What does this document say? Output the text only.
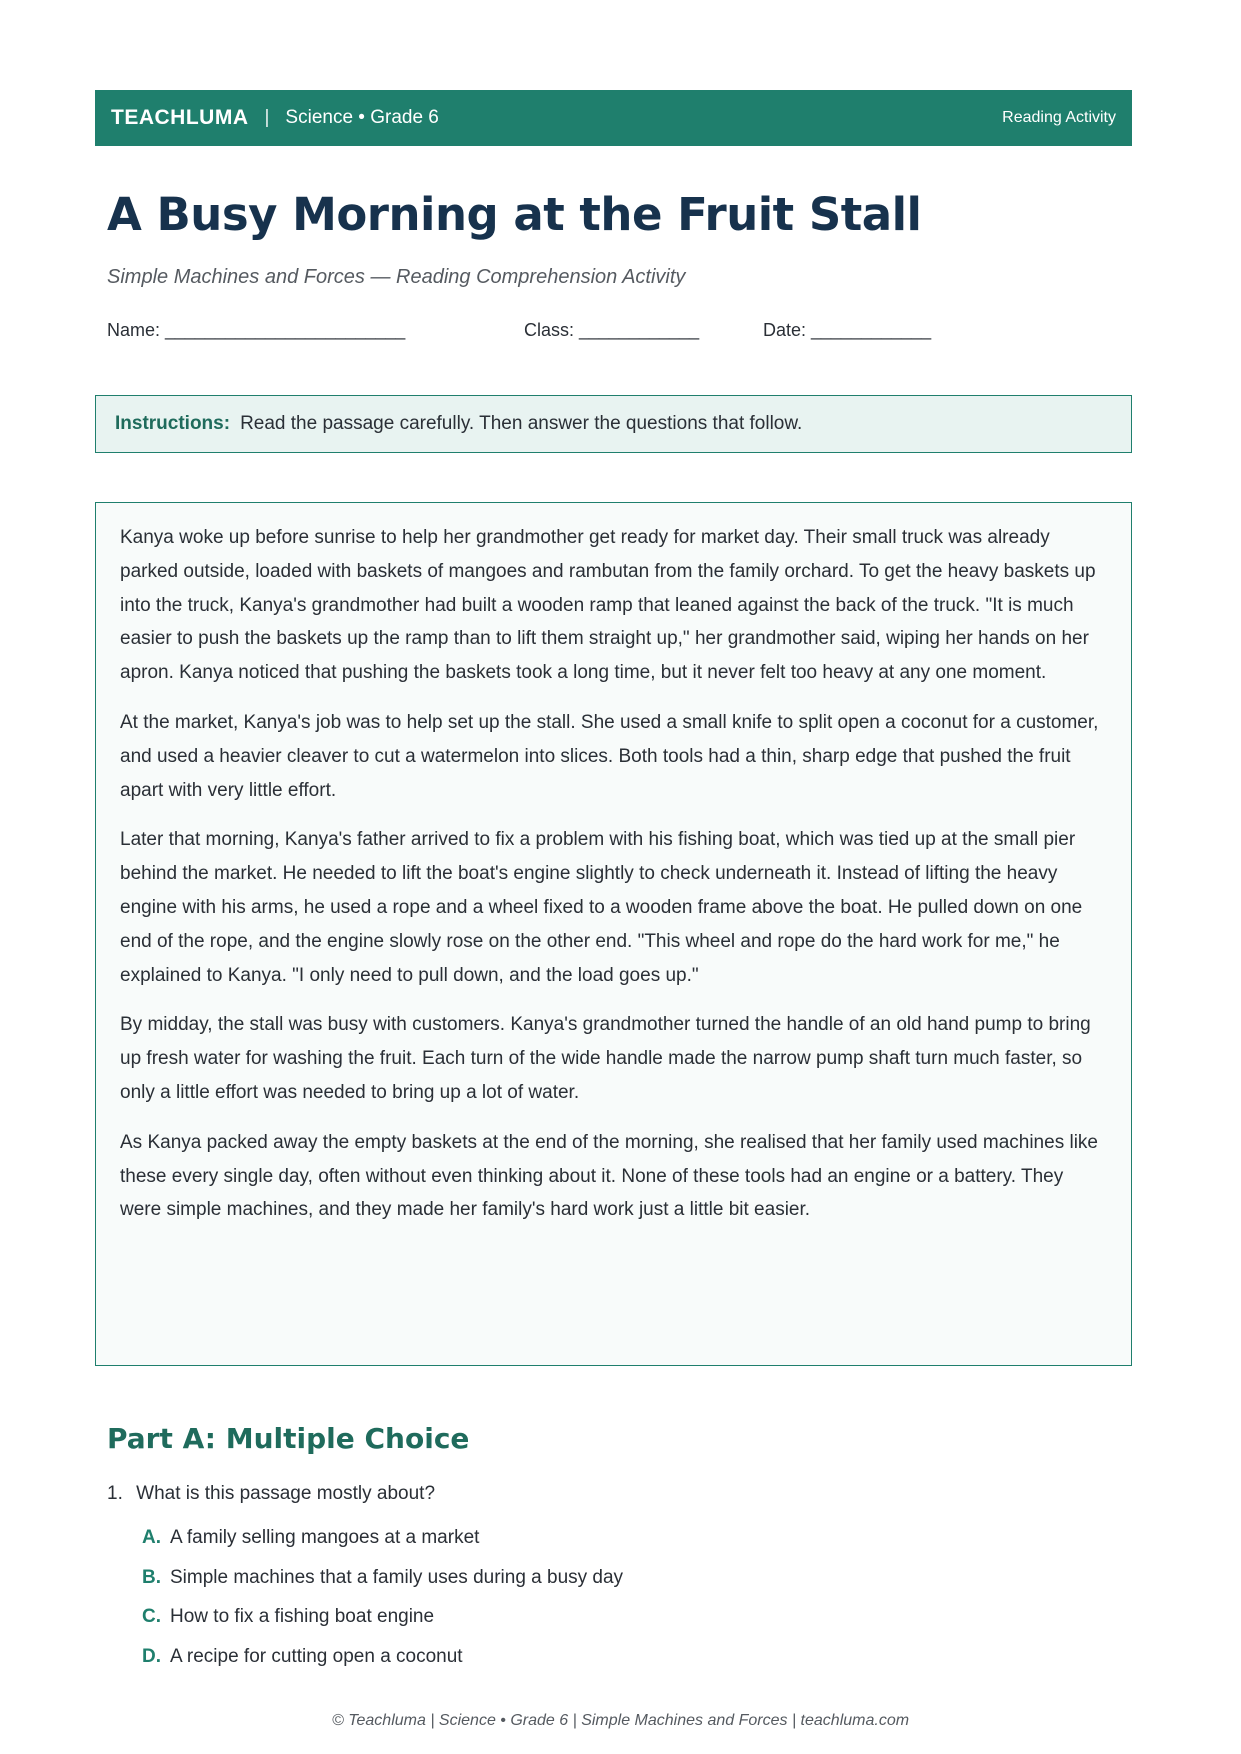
TEACHLUMA | Science • Grade 6	Reading Activity
A Busy Morning at the Fruit Stall
Simple Machines and Forces — Reading Comprehension Activity
Name: ________________________	Class: ____________	Date: ____________
Instructions: Read the passage carefully. Then answer the questions that follow.

Kanya woke up before sunrise to help her grandmother get ready for market day. Their small truck was already parked outside, loaded with baskets of mangoes and rambutan from the family orchard. To get the heavy baskets up into the truck, Kanya's grandmother had built a wooden ramp that leaned against the back of the truck. "It is much easier to push the baskets up the ramp than to lift them straight up," her grandmother said, wiping her hands on her apron. Kanya noticed that pushing the baskets took a long time, but it never felt too heavy at any one moment.

At the market, Kanya's job was to help set up the stall. She used a small knife to split open a coconut for a customer, and used a heavier cleaver to cut a watermelon into slices. Both tools had a thin, sharp edge that pushed the fruit apart with very little effort.

Later that morning, Kanya's father arrived to fix a problem with his fishing boat, which was tied up at the small pier behind the market. He needed to lift the boat's engine slightly to check underneath it. Instead of lifting the heavy engine with his arms, he used a rope and a wheel fixed to a wooden frame above the boat. He pulled down on one end of the rope, and the engine slowly rose on the other end. "This wheel and rope do the hard work for me," he explained to Kanya. "I only need to pull down, and the load goes up."

By midday, the stall was busy with customers. Kanya's grandmother turned the handle of an old hand pump to bring up fresh water for washing the fruit. Each turn of the wide handle made the narrow pump shaft turn much faster, so only a little effort was needed to bring up a lot of water.

As Kanya packed away the empty baskets at the end of the morning, she realised that her family used machines like these every single day, often without even thinking about it. None of these tools had an engine or a battery. They were simple machines, and they made her family's hard work just a little bit easier.

Part A: Multiple Choice
1. What is this passage mostly about?
A. A family selling mangoes at a market
B. Simple machines that a family uses during a busy day
C. How to fix a fishing boat engine
D. A recipe for cutting open a coconut
© Teachluma | Science • Grade 6 | Simple Machines and Forces | teachluma.com
